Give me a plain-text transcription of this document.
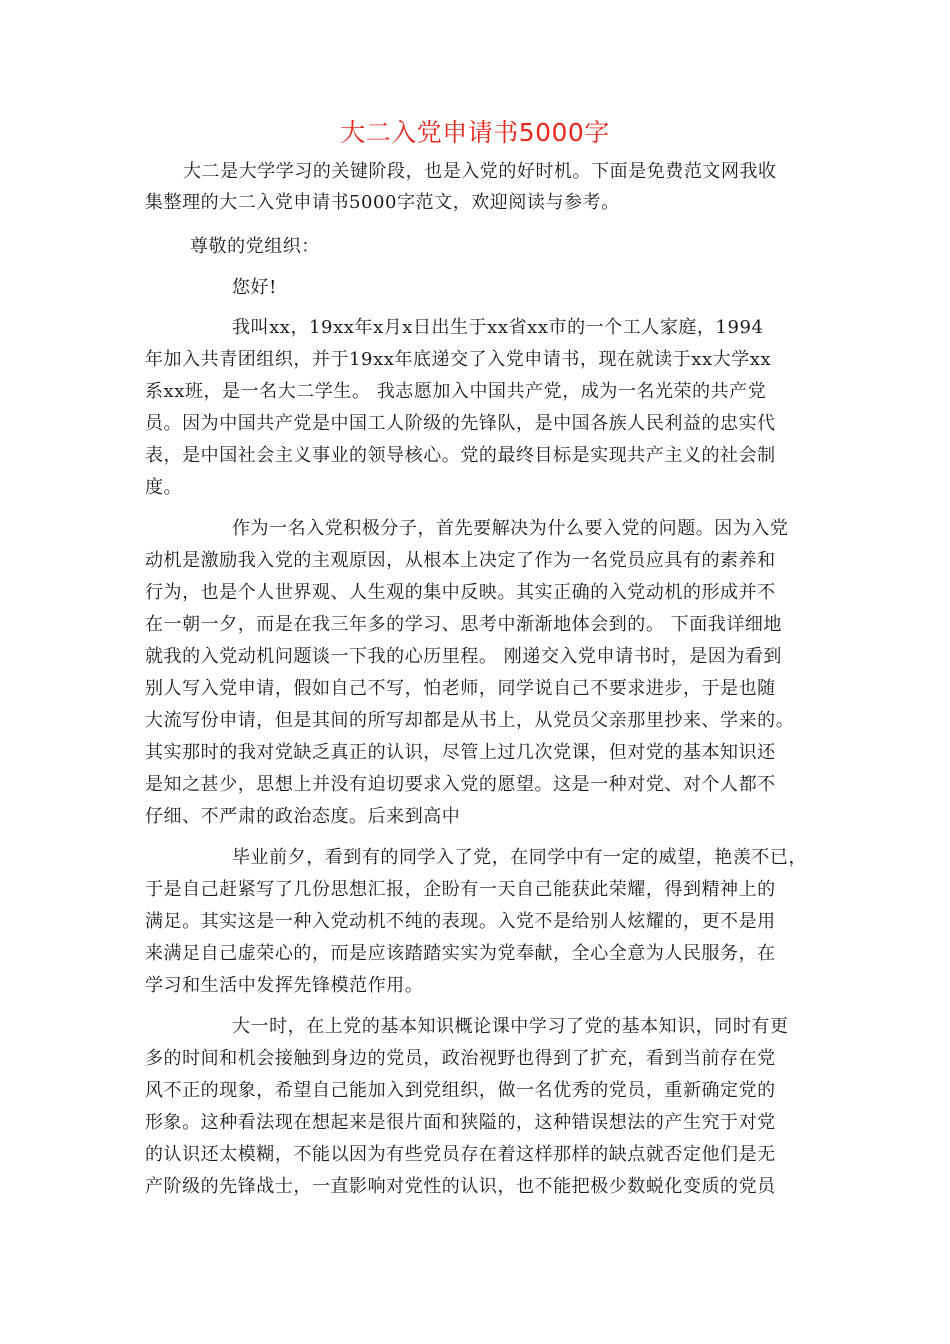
大二入党申请书5000字
大二是大学学习的关键阶段，也是入党的好时机。下面是免费范文网我收
集整理的大二入党申请书5000字范文，欢迎阅读与参考。
尊敬的党组织：
您好!
我叫xx，19xx年x月x日出生于xx省xx市的一个工人家庭，1994
年加入共青团组织，并于19xx年底递交了入党申请书，现在就读于xx大学xx
系xx班，是一名大二学生。 我志愿加入中国共产党，成为一名光荣的共产党
员。因为中国共产党是中国工人阶级的先锋队，是中国各族人民利益的忠实代
表，是中国社会主义事业的领导核心。党的最终目标是实现共产主义的社会制
度。
作为一名入党积极分子，首先要解决为什么要入党的问题。因为入党
动机是激励我入党的主观原因，从根本上决定了作为一名党员应具有的素养和
行为，也是个人世界观、人生观的集中反映。其实正确的入党动机的形成并不
在一朝一夕，而是在我三年多的学习、思考中渐渐地体会到的。 下面我详细地
就我的入党动机问题谈一下我的心历里程。 刚递交入党申请书时，是因为看到
别人写入党申请，假如自己不写，怕老师，同学说自己不要求进步，于是也随
大流写份申请，但是其间的所写却都是从书上，从党员父亲那里抄来、学来的。
其实那时的我对党缺乏真正的认识，尽管上过几次党课，但对党的基本知识还
是知之甚少，思想上并没有迫切要求入党的愿望。这是一种对党、对个人都不
仔细、不严肃的政治态度。后来到高中
毕业前夕，看到有的同学入了党，在同学中有一定的威望，艳羡不已，
于是自己赶紧写了几份思想汇报，企盼有一天自己能获此荣耀，得到精神上的
满足。其实这是一种入党动机不纯的表现。入党不是给别人炫耀的，更不是用
来满足自己虚荣心的，而是应该踏踏实实为党奉献，全心全意为人民服务，在
学习和生活中发挥先锋模范作用。
大一时，在上党的基本知识概论课中学习了党的基本知识，同时有更
多的时间和机会接触到身边的党员，政治视野也得到了扩充，看到当前存在党
风不正的现象，希望自己能加入到党组织，做一名优秀的党员，重新确定党的
形象。这种看法现在想起来是很片面和狭隘的，这种错误想法的产生究于对党
的认识还太模糊，不能以因为有些党员存在着这样那样的缺点就否定他们是无
产阶级的先锋战士，一直影响对党性的认识，也不能把极少数蜕化变质的党员
